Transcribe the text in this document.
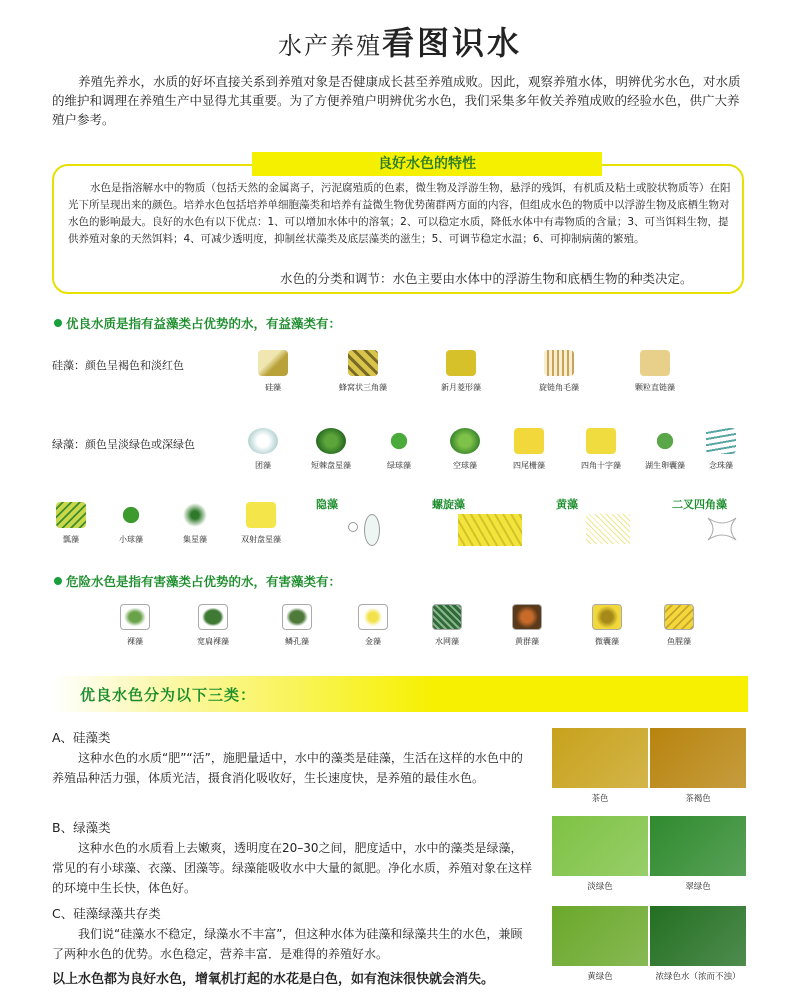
水产养殖看图识水
养殖先养水，水质的好坏直接关系到养殖对象是否健康成长甚至养殖成败。因此，观察养殖水体，明辨优劣水色，对水质的维护和调理在养殖生产中显得尤其重要。为了方便养殖户明辨优劣水色，我们采集多年攸关养殖成败的经验水色，供广大养殖户参考。
良好水色的特性
水色是指溶解水中的物质（包括天然的金属离子，污泥腐殖质的色素，微生物及浮游生物，悬浮的残饵，有机质及粘土或胶状物质等）在阳光下所呈现出来的颜色。培养水色包括培养单细胞藻类和培养有益微生物优势菌群两方面的内容，但组成水色的物质中以浮游生物及底栖生物对水色的影响最大。良好的水色有以下优点：1、可以增加水体中的溶氧；2、可以稳定水质，降低水体中有毒物质的含量；3、可当饵料生物，提供养殖对象的天然饵料；4、可减少透明度，抑制丝状藻类及底层藻类的滋生；5、可调节稳定水温；6、可抑制病菌的繁殖。
水色的分类和调节：水色主要由水体中的浮游生物和底栖生物的种类决定。
优良水质是指有益藻类占优势的水，有益藻类有：
硅藻：颜色呈褐色和淡红色
硅藻	蜂窝状三角藻	新月菱形藻	旋链角毛藻	颗粒直链藻
绿藻：颜色呈淡绿色或深绿色
团藻	短棘盘星藻	绿球藻	空球藻	四尾栅藻	四角十字藻	湖生卵囊藻	念珠藻
瓢藻	小球藻	集星藻	双射盘星藻
隐藻	螺旋藻	黄藻	二叉四角藻
危险水色是指有害藻类占优势的水，有害藻类有：
裸藻	宽扁裸藻	鳞孔藻	金藻	水网藻	黄群藻	微囊藻	鱼腥藻
优良水色分为以下三类：
A、硅藻类
这种水色的水质“肥”“活”，施肥量适中，水中的藻类是硅藻，生活在这样的水色中的养殖品种活力强，体质光洁，摄食消化吸收好，生长速度快，是养殖的最佳水色。
B、绿藻类
这种水色的水质看上去嫩爽，透明度在20–30之间，肥度适中，水中的藻类是绿藻，常见的有小球藻、衣藻、团藻等。绿藻能吸收水中大量的氮肥。净化水质，养殖对象在这样的环境中生长快，体色好。
C、硅藻绿藻共存类
我们说“硅藻水不稳定，绿藻水不丰富”，但这种水体为硅藻和绿藻共生的水色，兼顾了两种水色的优势。水色稳定，营养丰富．是难得的养殖好水。
茶色	茶褐色
淡绿色	翠绿色
黄绿色	浓绿色水（浓而不浊）
以上水色都为良好水色，增氧机打起的水花是白色，如有泡沫很快就会消失。
